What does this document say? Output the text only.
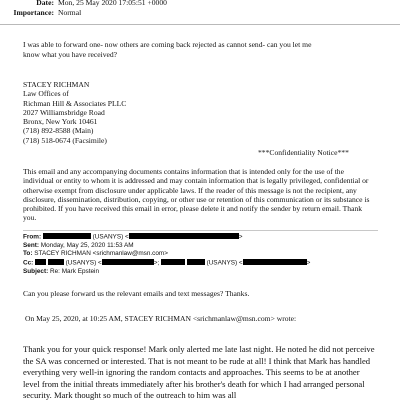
Date: Mon, 25 May 2020 17:05:51 +0000
Importance: Normal

I was able to forward one- now others are coming back rejected as cannot send- can you let me

know what you have received?

STACEY RICHMAN
Law Offices of
Richman Hill & Associates PLLC
2027 Williamsbridge Road
Bronx, New York 10461
(718) 892-8588 (Main)
(718) 518-0674 (Facsimile)
***Confidentiality Notice***

This email and any accompanying documents contains information that is intended only for the use of the individual or entity to whom it is addressed and may contain information that is legally privileged, confidential or otherwise exempt from disclosure under applicable laws. If the reader of this message is not the recipient, any disclosure, dissemination, distribution, copying, or other use or retention of this communication or its substance is prohibited. If you have received this email in error, please delete it and notify the sender by return email. Thank you.

From:	(USANYS) <	>
Sent: Monday, May 25, 2020 11:53 AM
To: STACEY RICHMAN <srichmanlaw@msn.com>
Cc:	(USANYS) <	>;	(USANYS) <	>
Subject: Re: Mark Epstein

Can you please forward us the relevant emails and text messages? Thanks.

On May 25, 2020, at 10:25 AM, STACEY RICHMAN <srichmanlaw@msn.com> wrote:

Thank you for your quick response! Mark only alerted me late last night. He noted he did not perceive the SA was concerned or interested. That is not meant to be rude at all! I think that Mark has handled everything very well-in ignoring the random contacts and approaches. This seems to be at another level from the initial threats immediately after his brother's death for which I had arranged personal security. Mark thought so much of the outreach to him was all
